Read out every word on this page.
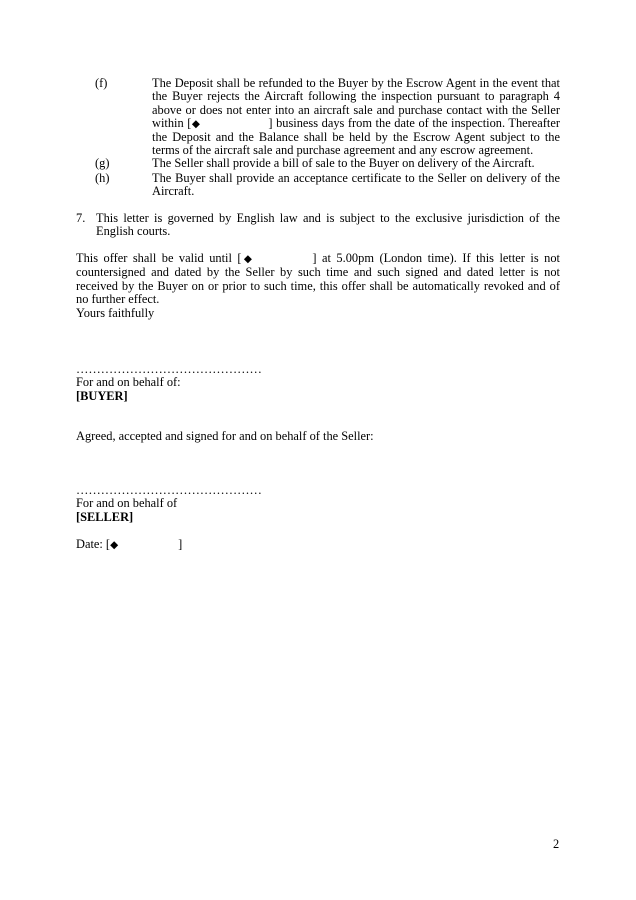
(f)	The Deposit shall be refunded to the Buyer by the Escrow Agent in the event that the Buyer rejects the Aircraft following the inspection pursuant to paragraph 4 above or does not enter into an aircraft sale and purchase contact with the Seller within [◆	] business days from the date of the inspection. Thereafter the Deposit and the Balance shall be held by the Escrow Agent subject to the terms of the aircraft sale and purchase agreement and any escrow agreement.
(g)	The Seller shall provide a bill of sale to the Buyer on delivery of the Aircraft.
(h)	The Buyer shall provide an acceptance certificate to the Seller on delivery of the Aircraft.
7. This letter is governed by English law and is subject to the exclusive jurisdiction of the English courts.
This offer shall be valid until [◆	] at 5.00pm (London time). If this letter is not countersigned and dated by the Seller by such time and such signed and dated letter is not received by the Buyer on or prior to such time, this offer shall be automatically revoked and of no further effect.
Yours faithfully
………………………………………
For and on behalf of:
[BUYER]
Agreed, accepted and signed for and on behalf of the Seller:
………………………………………
For and on behalf of
[SELLER]
Date: [◆	]
2
